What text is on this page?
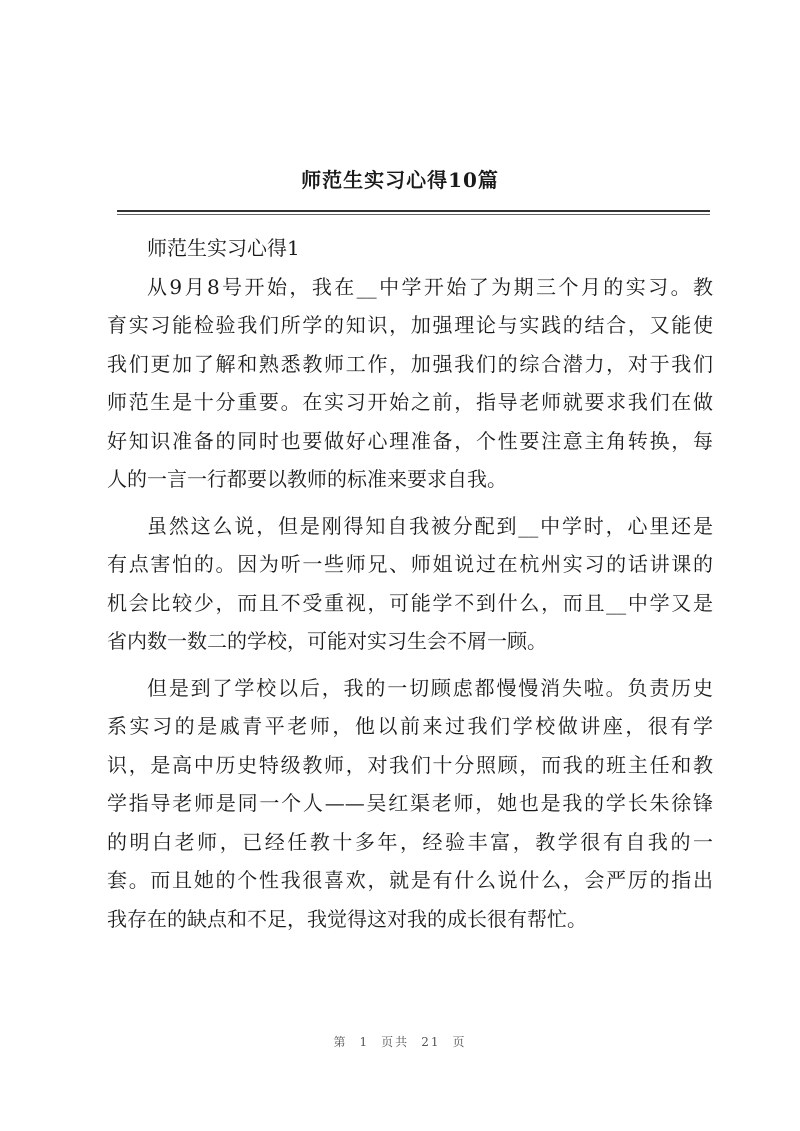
师范生实习心得10篇
师范生实习心得1
从9月8号开始，我在__中学开始了为期三个月的实习。教
育实习能检验我们所学的知识，加强理论与实践的结合，又能使
我们更加了解和熟悉教师工作，加强我们的综合潜力，对于我们
师范生是十分重要。在实习开始之前，指导老师就要求我们在做
好知识准备的同时也要做好心理准备，个性要注意主角转换，每
人的一言一行都要以教师的标准来要求自我。
虽然这么说，但是刚得知自我被分配到__中学时，心里还是
有点害怕的。因为听一些师兄、师姐说过在杭州实习的话讲课的
机会比较少，而且不受重视，可能学不到什么，而且__中学又是
省内数一数二的学校，可能对实习生会不屑一顾。
但是到了学校以后，我的一切顾虑都慢慢消失啦。负责历史
系实习的是戚青平老师，他以前来过我们学校做讲座，很有学
识，是高中历史特级教师，对我们十分照顾，而我的班主任和教
学指导老师是同一个人——吴红渠老师，她也是我的学长朱徐锋
的明白老师，已经任教十多年，经验丰富，教学很有自我的一
套。而且她的个性我很喜欢，就是有什么说什么，会严厉的指出
我存在的缺点和不足，我觉得这对我的成长很有帮忙。
第 1 页共 21 页
